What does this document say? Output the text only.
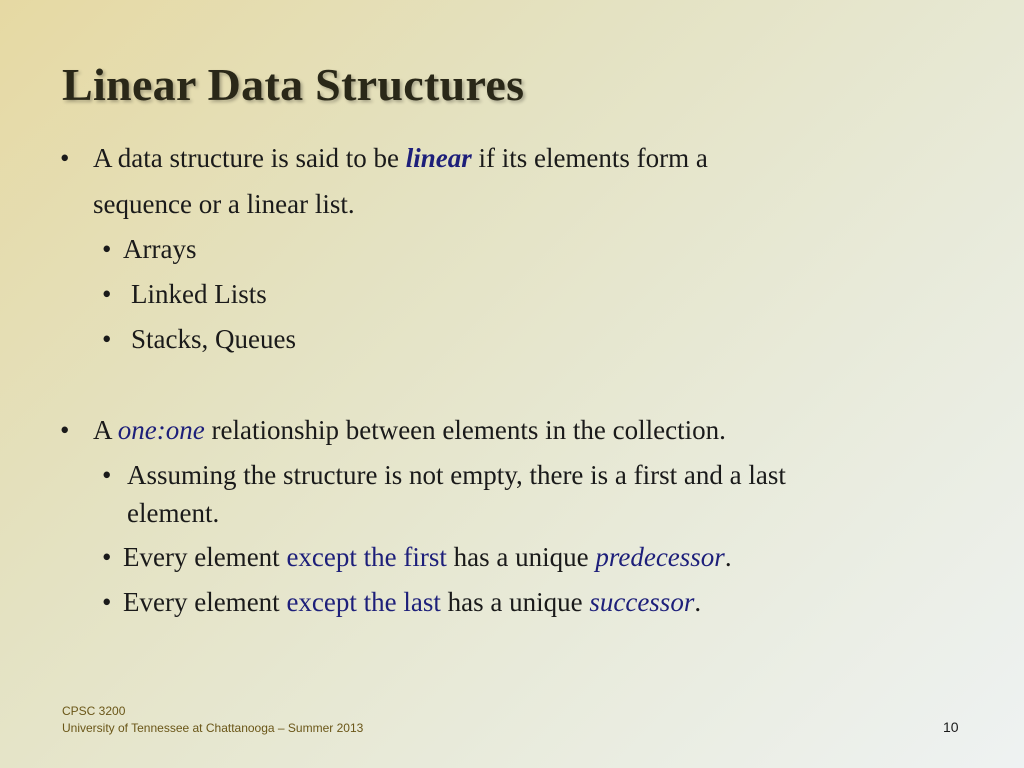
Linear Data Structures
• A data structure is said to be linear if its elements form a
sequence or a linear list.
• Arrays
• Linked Lists
• Stacks, Queues
• A one:one relationship between elements in the collection.
• Assuming the structure is not empty, there is a first and a last
element.
• Every element except the first has a unique predecessor.
• Every element except the last has a unique successor.
CPSC 3200
University of Tennessee at Chattanooga – Summer 2013	10
